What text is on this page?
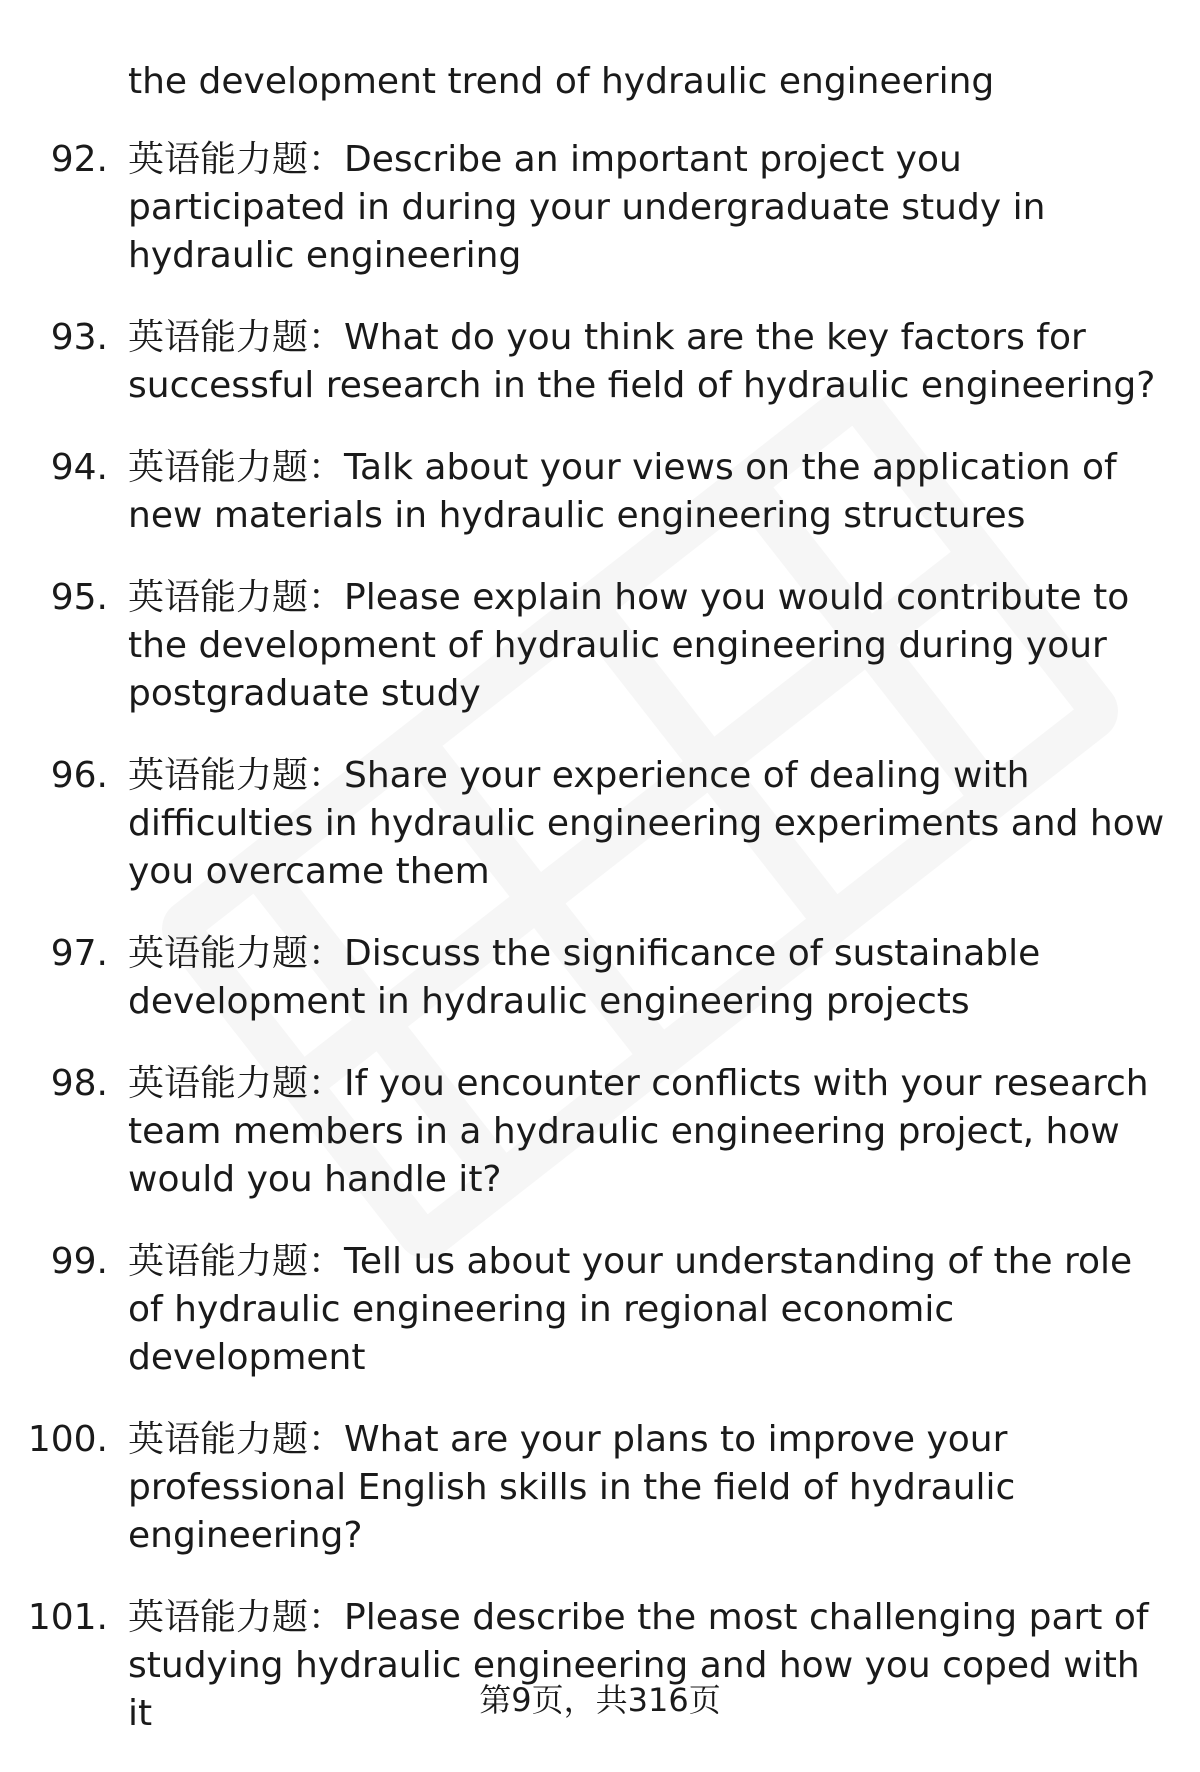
the development trend of hydraulic engineering
92. 英语能力题：Describe an important project you participated in during your undergraduate study in hydraulic engineering
93. 英语能力题：What do you think are the key factors for successful research in the field of hydraulic engineering?
94. 英语能力题：Talk about your views on the application of new materials in hydraulic engineering structures
95. 英语能力题：Please explain how you would contribute to the development of hydraulic engineering during your postgraduate study
96. 英语能力题：Share your experience of dealing with difficulties in hydraulic engineering experiments and how you overcame them
97. 英语能力题：Discuss the significance of sustainable development in hydraulic engineering projects
98. 英语能力题：If you encounter conflicts with your research team members in a hydraulic engineering project, how would you handle it?
99. 英语能力题：Tell us about your understanding of the role of hydraulic engineering in regional economic development
100. 英语能力题：What are your plans to improve your professional English skills in the field of hydraulic engineering?
101. 英语能力题：Please describe the most challenging part of studying hydraulic engineering and how you coped with it	第9页，共316页
